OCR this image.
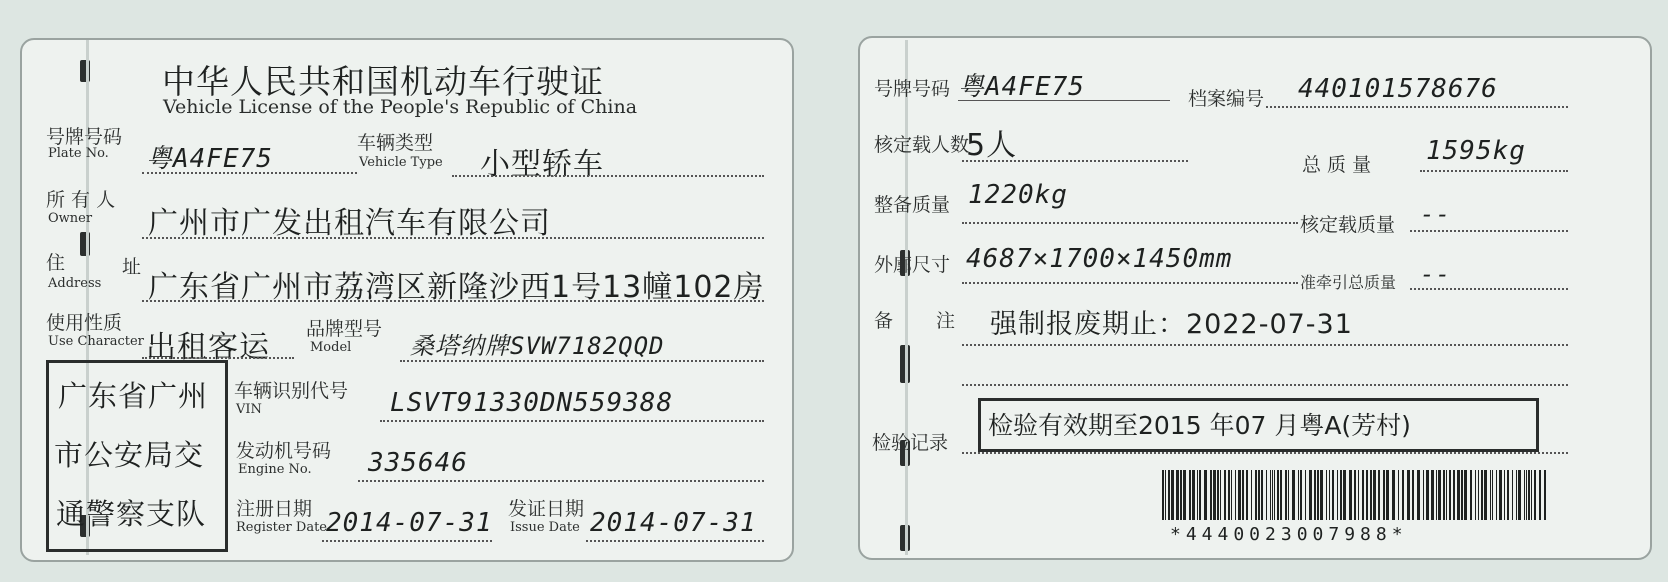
中华人民共和国机动车行驶证
Vehicle License of the People's Republic of China
号牌号码
Plate No. 粤A4FE75
车辆类型
Vehicle Type 小型轿车
所 有 人
Owner 广州市广发出租汽车有限公司
住	址
Address 广东省广州市荔湾区新隆沙西1号13幢102房
使用性质
Use Character 出租客运
品牌型号
Model 桑塔纳牌SVW7182QQD
广东省广州
市公安局交
通警察支队
车辆识别代号
VIN	LSVT91330DN559388
发动机号码
Engine No. 335646
注册日期
Register Date 2014-07-31 发证日期
Issue Date 2014-07-31
号牌号码 粤A4FE75	档案编号 440101578676
核定载人数
5人
总 质 量 1595kg
整备质量 1220kg
核定载质量 --
外廓尺寸 4687×1700×1450mm
准牵引总质量 --
备 注 强制报废期止：2022-07-31
检验记录
检验有效期至2015 年07 月粤A(芳村)
*4440023007988*
